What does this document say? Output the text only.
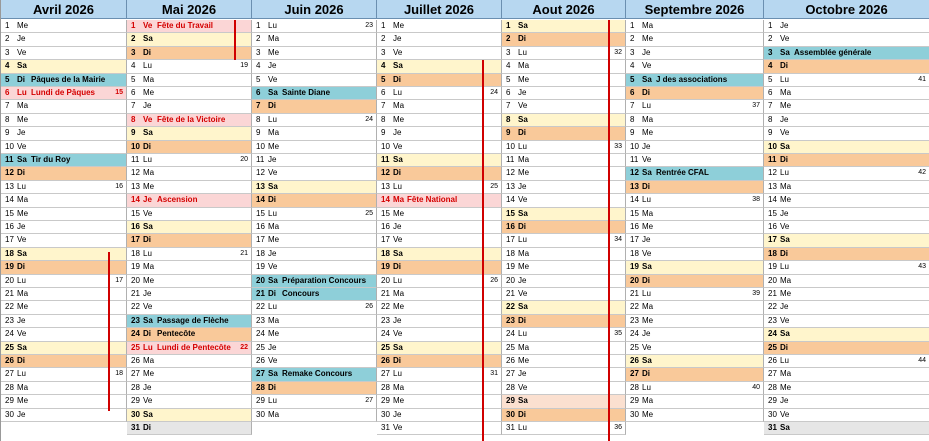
Avril 2026
1 Me
2 Je
3 Ve
4 Sa
5 Di Pâques de la Mairie
6 Lu Lundi de Pâques	15
7 Ma
8 Me
9 Je
10 Ve
11 Sa Tir du Roy
12 Di
13 Lu	16
14 Ma
15 Me
16 Je
17 Ve
18 Sa
19 Di
20 Lu	17
21 Ma
22 Me
23 Je
24 Ve
25 Sa
26 Di
27 Lu	18
28 Ma
29 Me
30 Je
Mai 2026
1 Ve Fête du Travail
2 Sa
3 Di
4 Lu	19
5 Ma
6 Me
7 Je
8 Ve Fête de la Victoire
9 Sa
10 Di
11 Lu	20
12 Ma
13 Me
14 Je Ascension
15 Ve
16 Sa
17 Di
18 Lu	21
19 Ma
20 Me
21 Je
22 Ve
23 Sa Passage de Flèche
24 Di Pentecôte
25 Lu Lundi de Pentecôte 22
26 Ma
27 Me
28 Je
29 Ve
30 Sa
31 Di
Juin 2026
1 Lu	23
2 Ma
3 Me
4 Je
5 Ve
6 Sa Sainte Diane
7 Di
8 Lu	24
9 Ma
10 Me
11 Je
12 Ve
13 Sa
14 Di
15 Lu	25
16 Ma
17 Me
18 Je
19 Ve
20 Sa Préparation Concours
21 Di Concours
22 Lu	26
23 Ma
24 Me
25 Je
26 Ve
27 Sa Remake Concours
28 Di
29 Lu	27
30 Ma
Juillet 2026
1 Me
2 Je
3 Ve
4 Sa
5 Di
6 Lu	24
7 Ma
8 Me
9 Je
10 Ve
11 Sa
12 Di
13 Lu	25
14 Ma Fête National
15 Me
16 Je
17 Ve
18 Sa
19 Di
20 Lu	26
21 Ma
22 Me
23 Je
24 Ve
25 Sa
26 Di
27 Lu	31
28 Ma
29 Me
30 Je
31 Ve
Aout 2026
1 Sa
2 Di
3 Lu	32
4 Ma
5 Me
6 Je
7 Ve
8 Sa
9 Di
10 Lu	33
11 Ma
12 Me
13 Je
14 Ve
15 Sa
16 Di
17 Lu	34
18 Ma
19 Me
20 Je
21 Ve
22 Sa
23 Di
24 Lu	35
25 Ma
26 Me
27 Je
28 Ve
29 Sa
30 Di
31 Lu	36
Septembre 2026
1 Ma
2 Me
3 Je
4 Ve
5 Sa J des associations
6 Di
7 Lu	37
8 Ma
9 Me
10 Je
11 Ve
12 Sa Rentrée CFAL
13 Di
14 Lu	38
15 Ma
16 Me
17 Je
18 Ve
19 Sa
20 Di
21 Lu	39
22 Ma
23 Me
24 Je
25 Ve
26 Sa
27 Di
28 Lu	40
29 Ma
30 Me
Octobre 2026
1 Je
2 Ve
3 Sa Assemblée générale
4 Di
5 Lu	41
6 Ma
7 Me
8 Je
9 Ve
10 Sa
11 Di
12 Lu	42
13 Ma
14 Me
15 Je
16 Ve
17 Sa
18 Di
19 Lu	43
20 Ma
21 Me
22 Je
23 Ve
24 Sa
25 Di
26 Lu	44
27 Ma
28 Me
29 Je
30 Ve
31 Sa
